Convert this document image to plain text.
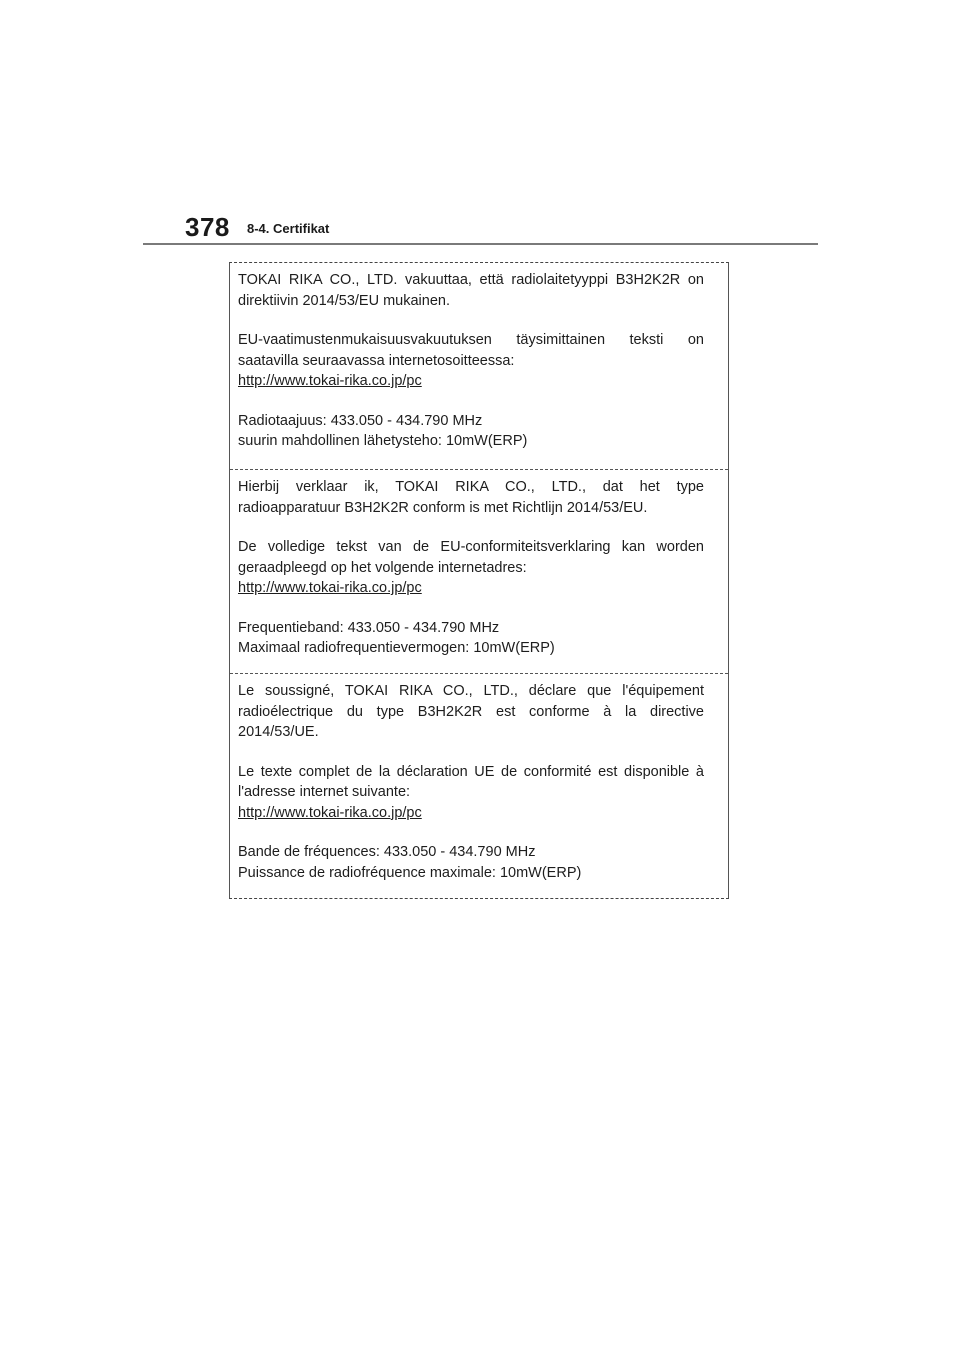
378 8-4. Certifikat

TOKAI RIKA CO., LTD. vakuuttaa, että radiolaitetyyppi B3H2K2R on

direktiivin 2014/53/EU mukainen.

EU-vaatimustenmukaisuusvakuutuksen täysimittainen teksti on

saatavilla seuraavassa internetosoitteessa:

http://www.tokai-rika.co.jp/pc

Radiotaajuus: 433.050 - 434.790 MHz

suurin mahdollinen lähetysteho: 10mW(ERP)

Hierbij verklaar ik, TOKAI RIKA CO., LTD., dat het type

radioapparatuur B3H2K2R conform is met Richtlijn 2014/53/EU.

De volledige tekst van de EU-conformiteitsverklaring kan worden

geraadpleegd op het volgende internetadres:

http://www.tokai-rika.co.jp/pc

Frequentieband: 433.050 - 434.790 MHz

Maximaal radiofrequentievermogen: 10mW(ERP)

Le soussigné, TOKAI RIKA CO., LTD., déclare que l'équipement

radioélectrique du type B3H2K2R est conforme à la directive

2014/53/UE.

Le texte complet de la déclaration UE de conformité est disponible à

l'adresse internet suivante:

http://www.tokai-rika.co.jp/pc

Bande de fréquences: 433.050 - 434.790 MHz

Puissance de radiofréquence maximale: 10mW(ERP)
